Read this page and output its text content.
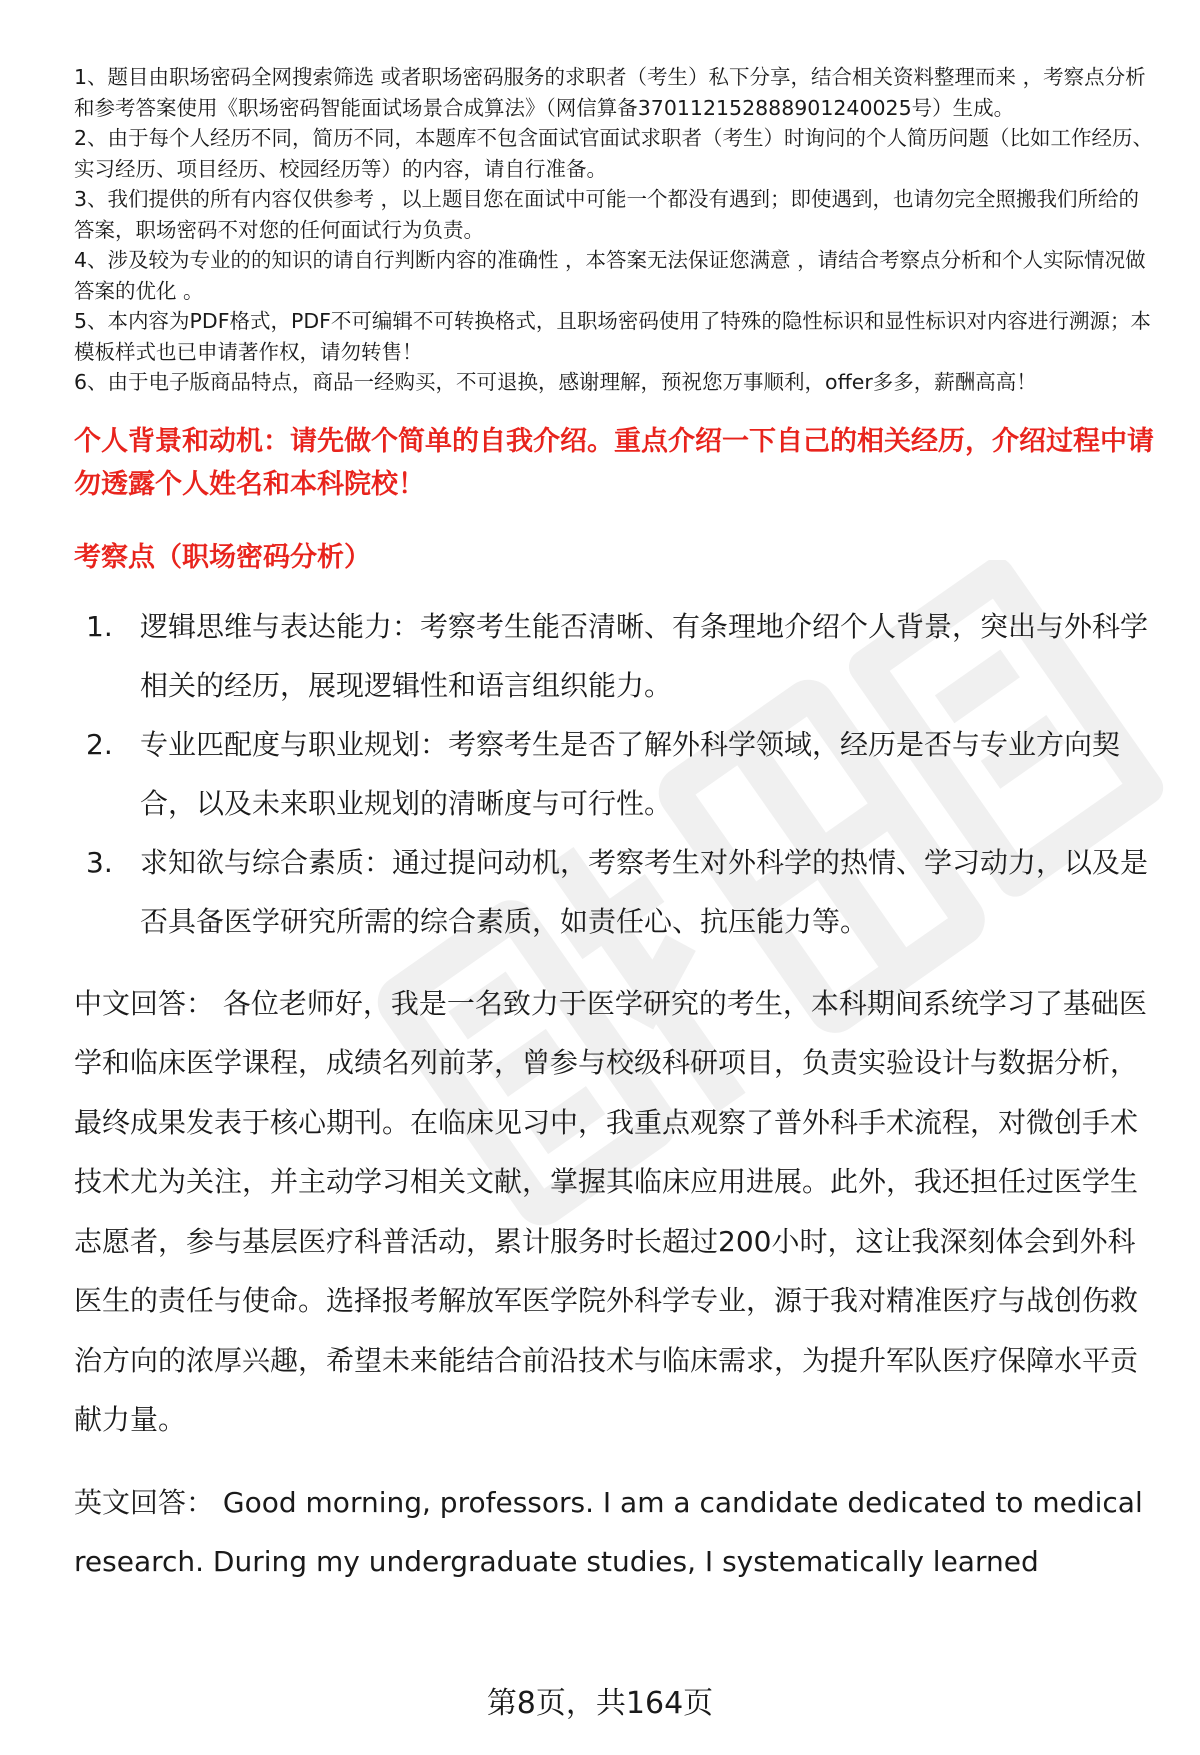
1、题目由职场密码全网搜索筛选 或者职场密码服务的求职者（考生）私下分享，结合相关资料整理而来 ，考察点分析和参考答案使用《职场密码智能面试场景合成算法》（网信算备370112152888901240025号）生成。

2、由于每个人经历不同，简历不同，本题库不包含面试官面试求职者（考生）时询问的个人简历问题（比如工作经历、实习经历、项目经历、校园经历等）的内容，请自行准备。

3、我们提供的所有内容仅供参考 ，以上题目您在面试中可能一个都没有遇到；即使遇到，也请勿完全照搬我们所给的答案，职场密码不对您的任何面试行为负责。

4、涉及较为专业的的知识的请自行判断内容的准确性 ，本答案无法保证您满意 ，请结合考察点分析和个人实际情况做答案的优化 。

5、本内容为PDF格式，PDF不可编辑不可转换格式，且职场密码使用了特殊的隐性标识和显性标识对内容进行溯源；本模板样式也已申请著作权，请勿转售！

6、由于电子版商品特点，商品一经购买，不可退换，感谢理解，预祝您万事顺利，offer多多，薪酬高高！

个人背景和动机：请先做个简单的自我介绍。重点介绍一下自己的相关经历，介绍过程中请勿透露个人姓名和本科院校！

考察点（职场密码分析）

1. 逻辑思维与表达能力：考察考生能否清晰、有条理地介绍个人背景，突出与外科学相关的经历，展现逻辑性和语言组织能力。
2. 专业匹配度与职业规划：考察考生是否了解外科学领域，经历是否与专业方向契合，以及未来职业规划的清晰度与可行性。
3. 求知欲与综合素质：通过提问动机，考察考生对外科学的热情、学习动力，以及是否具备医学研究所需的综合素质，如责任心、抗压能力等。

中文回答： 各位老师好，我是一名致力于医学研究的考生，本科期间系统学习了基础医学和临床医学课程，成绩名列前茅，曾参与校级科研项目，负责实验设计与数据分析，最终成果发表于核心期刊。在临床见习中，我重点观察了普外科手术流程，对微创手术技术尤为关注，并主动学习相关文献，掌握其临床应用进展。此外，我还担任过医学生志愿者，参与基层医疗科普活动，累计服务时长超过200小时，这让我深刻体会到外科医生的责任与使命。选择报考解放军医学院外科学专业，源于我对精准医疗与战创伤救治方向的浓厚兴趣，希望未来能结合前沿技术与临床需求，为提升军队医疗保障水平贡献力量。

英文回答： Good morning, professors. I am a candidate dedicated to medical research. During my undergraduate studies, I systematically learned

第8页，共164页
